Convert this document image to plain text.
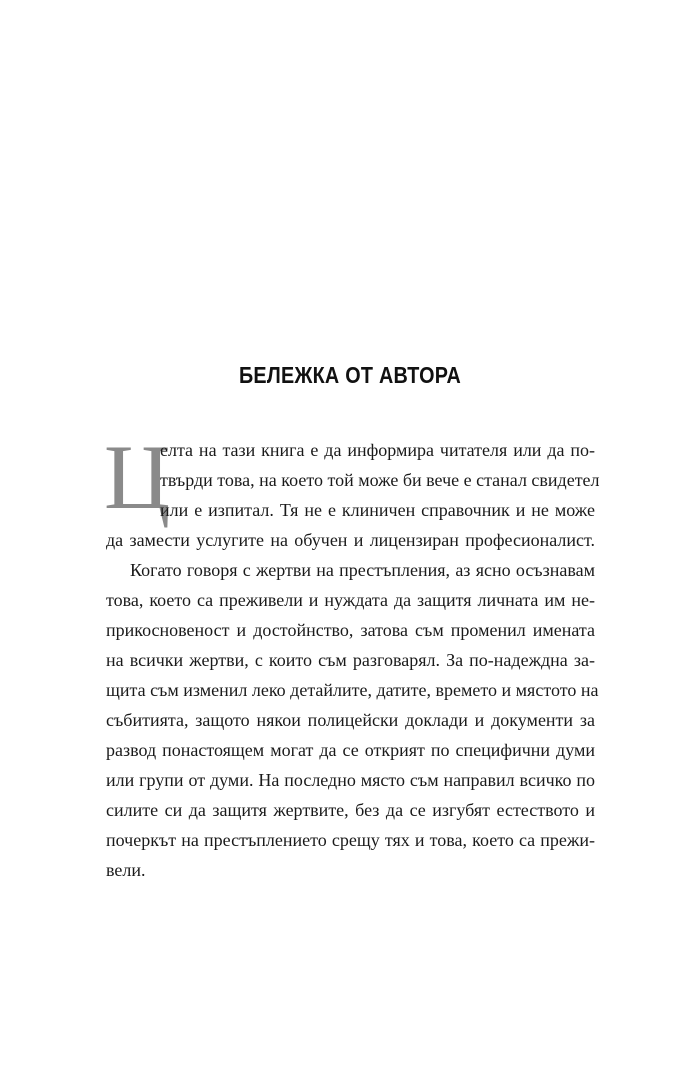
БЕЛЕЖКА ОТ АВТОРА
Ц
елта на тази книга е да информира читателя или да по-
твърди това, на което той може би вече е станал свидетел
или е изпитал. Тя не е клиничен справочник и не може
да замести услугите на обучен и лицензиран професионалист.
Когато говоря с жертви на престъпления, аз ясно осъзнавам
това, което са преживели и нуждата да защитя личната им не-
прикосновеност и достойнство, затова съм променил имената
на всички жертви, с които съм разговарял. За по-надеждна за-
щита съм изменил леко детайлите, датите, времето и мястото на
събитията, защото някои полицейски доклади и документи за
развод понастоящем могат да се открият по специфични думи
или групи от думи. На последно място съм направил всичко по
силите си да защитя жертвите, без да се изгубят естеството и
почеркът на престъплението срещу тях и това, което са прежи-
вели.
